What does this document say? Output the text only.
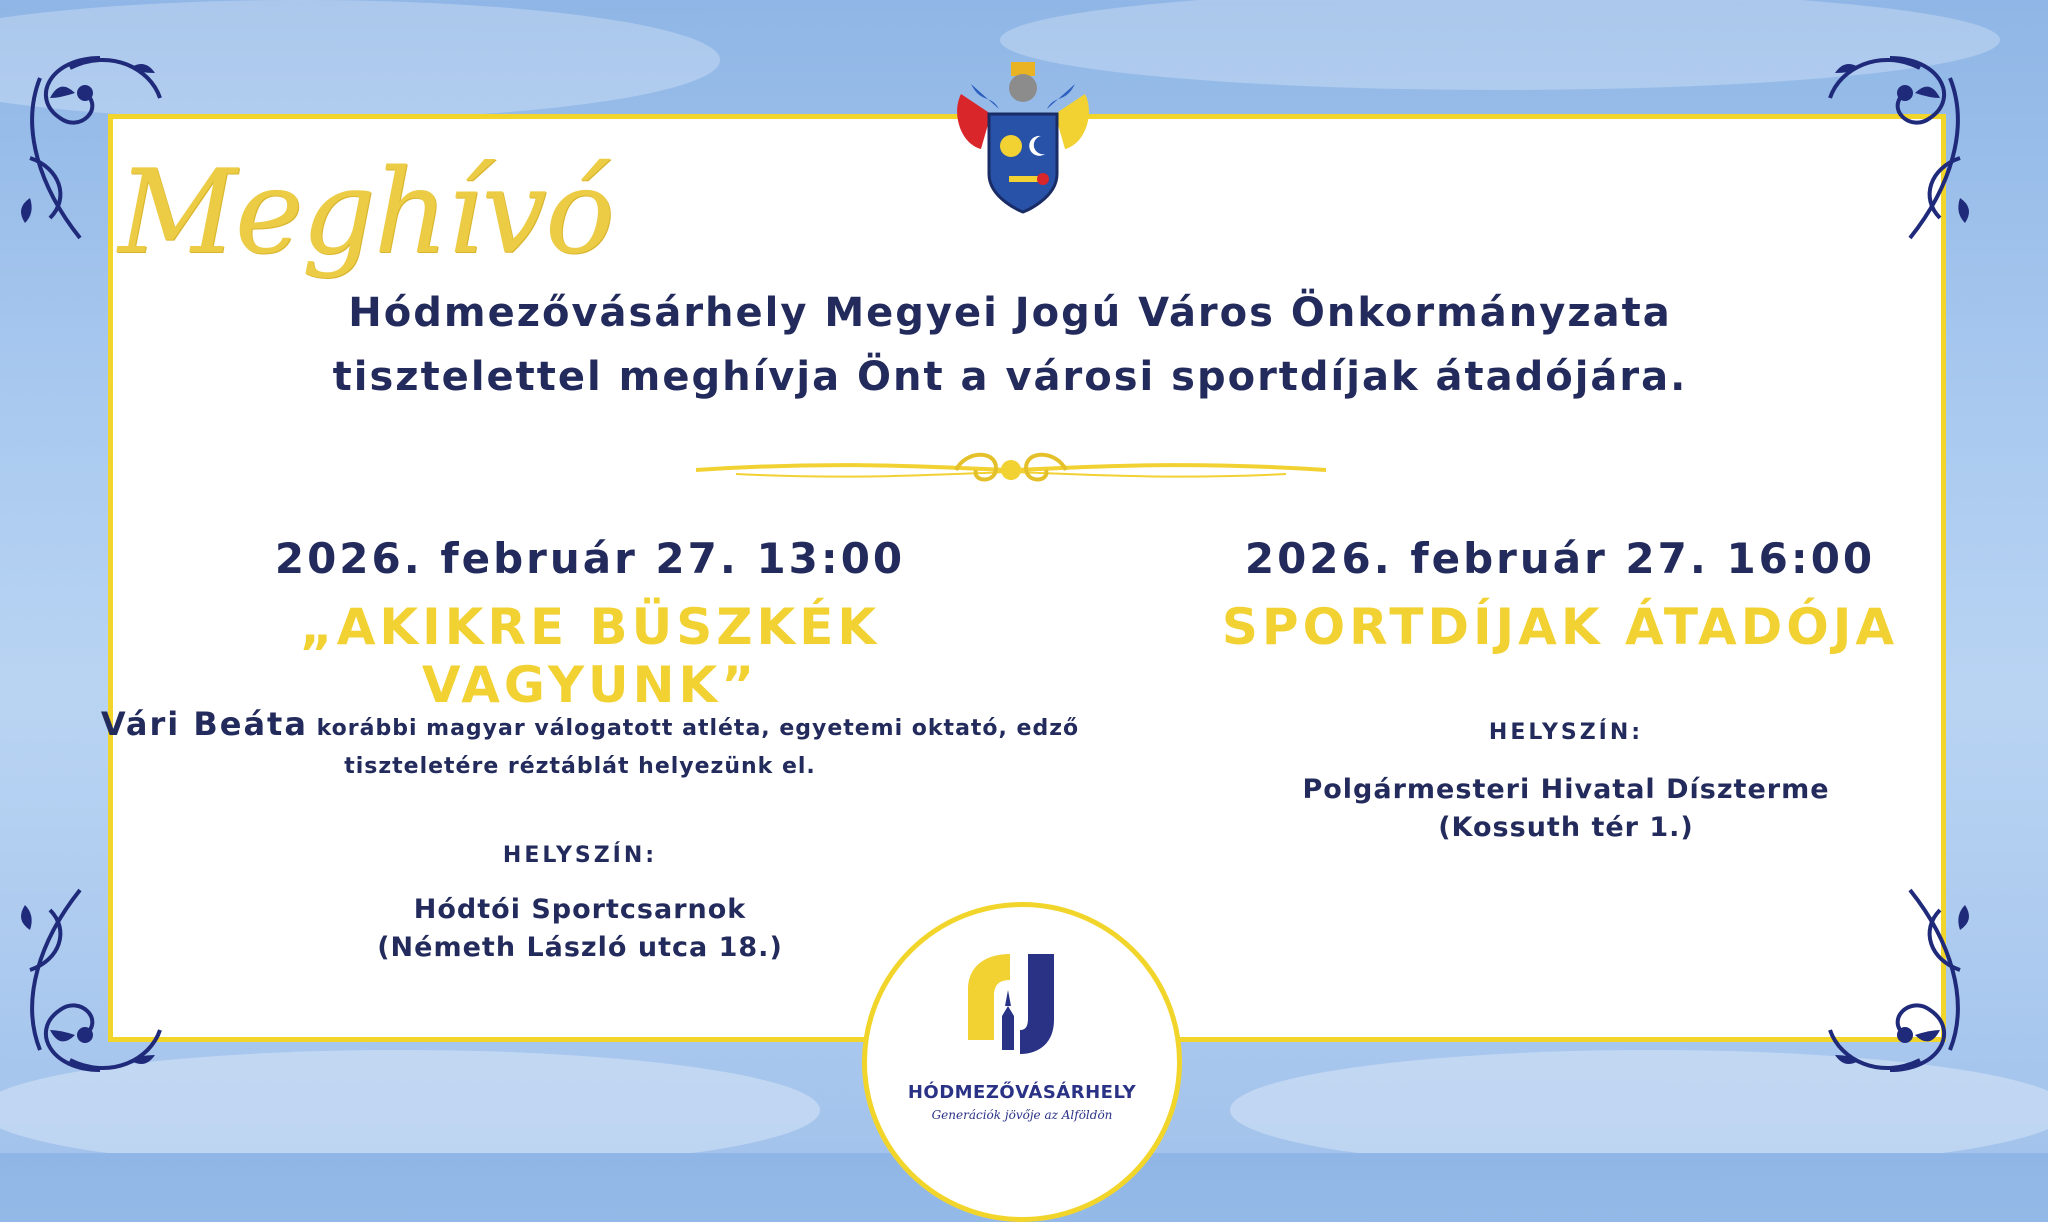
Meghívó
Hódmezővásárhely Megyei Jogú Város Önkormányzata
tisztelettel meghívja Önt a városi sportdíjak átadójára.
2026. február 27. 13:00
„AKIKRE BÜSZKÉK VAGYUNK”
Vári Beáta korábbi magyar válogatott atléta, egyetemi oktató, edző
tiszteletére réztáblát helyezünk el.
HELYSZÍN:
Hódtói Sportcsarnok
(Németh László utca 18.)
2026. február 27. 16:00
SPORTDÍJAK ÁTADÓJA
HELYSZÍN:
Polgármesteri Hivatal Díszterme
(Kossuth tér 1.)
HÓDMEZŐVÁSÁRHELY
Generációk jövője az Alföldön
